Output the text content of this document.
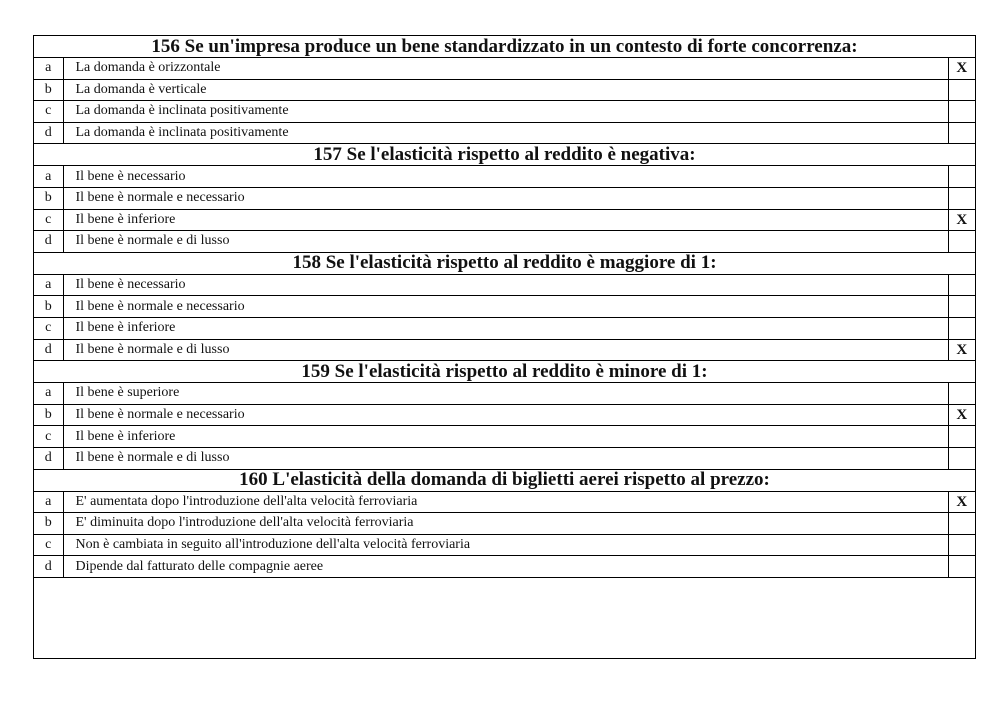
156 Se un'impresa produce un bene standardizzato in un contesto di forte concorrenza:		
a	La domanda è orizzontale	X
b	La domanda è verticale	
c	La domanda è inclinata positivamente	
d	La domanda è inclinata positivamente	
157 Se l'elasticità rispetto al reddito è negativa:		
a	Il bene è necessario	
b	Il bene è normale e necessario	
c	Il bene è inferiore	X
d	Il bene è normale e di lusso	
158 Se l'elasticità rispetto al reddito è maggiore di 1:		
a	Il bene è necessario	
b	Il bene è normale e necessario	
c	Il bene è inferiore	
d	Il bene è normale e di lusso	X
159 Se l'elasticità rispetto al reddito è minore di 1:		
a	Il bene è superiore	
b	Il bene è normale e necessario	X
c	Il bene è inferiore	
d	Il bene è normale e di lusso	
160 L'elasticità della domanda di biglietti aerei rispetto al prezzo:		
a	E' aumentata dopo l'introduzione dell'alta velocità ferroviaria	X
b	E' diminuita dopo l'introduzione dell'alta velocità ferroviaria	
c	Non è cambiata in seguito all'introduzione dell'alta velocità ferroviaria	
d	Dipende dal fatturato delle compagnie aeree	
